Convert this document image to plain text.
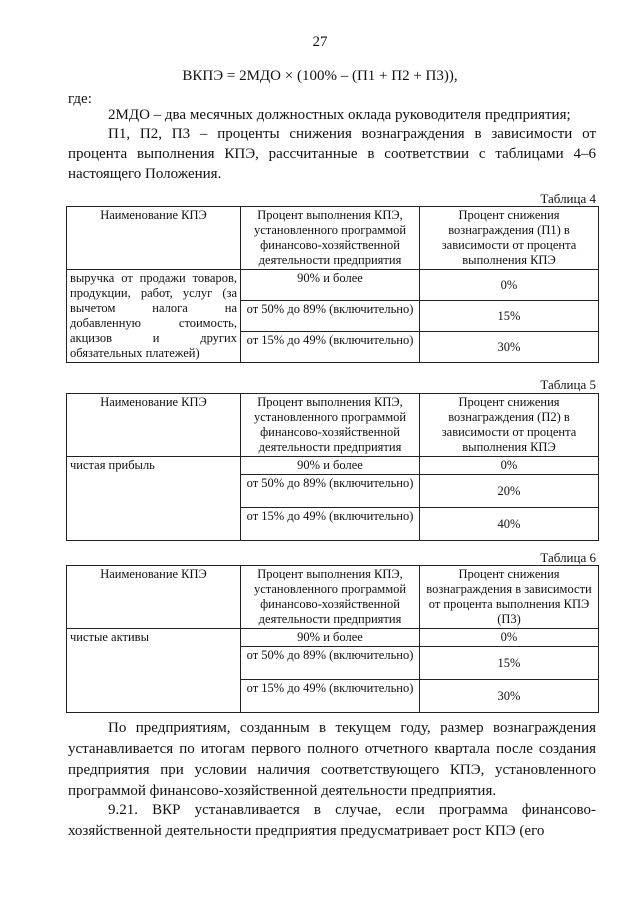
27
ВКПЭ = 2МДО × (100% – (П1 + П2 + П3)),
где:
2МДО – два месячных должностных оклада руководителя предприятия;
П1, П2, П3 – проценты снижения вознаграждения в зависимости от процента выполнения КПЭ, рассчитанные в соответствии с таблицами 4–6 настоящего Положения.
Таблица 4
Наименование КПЭ	Процент выполнения КПЭ, установленного программой финансово-хозяйственной деятельности предприятия	Процент снижения вознаграждения (П1) в зависимости от процента выполнения КПЭ
выручка от продажи товаров, продукции, работ, услуг (за вычетом налога на добавленную стоимость, акцизов и других обязательных платежей)	90% и более	0%
	от 50% до 89% (включительно)	15%
	от 15% до 49% (включительно)	30%
Таблица 5
Наименование КПЭ	Процент выполнения КПЭ, установленного программой финансово-хозяйственной деятельности предприятия	Процент снижения вознаграждения (П2) в зависимости от процента выполнения КПЭ
чистая прибыль	90% и более	0%
	от 50% до 89% (включительно)	20%
	от 15% до 49% (включительно)	40%
Таблица 6
Наименование КПЭ	Процент выполнения КПЭ, установленного программой финансово-хозяйственной деятельности предприятия	Процент снижения вознаграждения в зависимости от процента выполнения КПЭ (П3)
чистые активы	90% и более	0%
	от 50% до 89% (включительно)	15%
	от 15% до 49% (включительно)	30%
По предприятиям, созданным в текущем году, размер вознаграждения устанавливается по итогам первого полного отчетного квартала после создания предприятия при условии наличия соответствующего КПЭ, установленного программой финансово-хозяйственной деятельности предприятия.
9.21. ВКР устанавливается в случае, если программа финансово-хозяйственной деятельности предприятия предусматривает рост КПЭ (его
